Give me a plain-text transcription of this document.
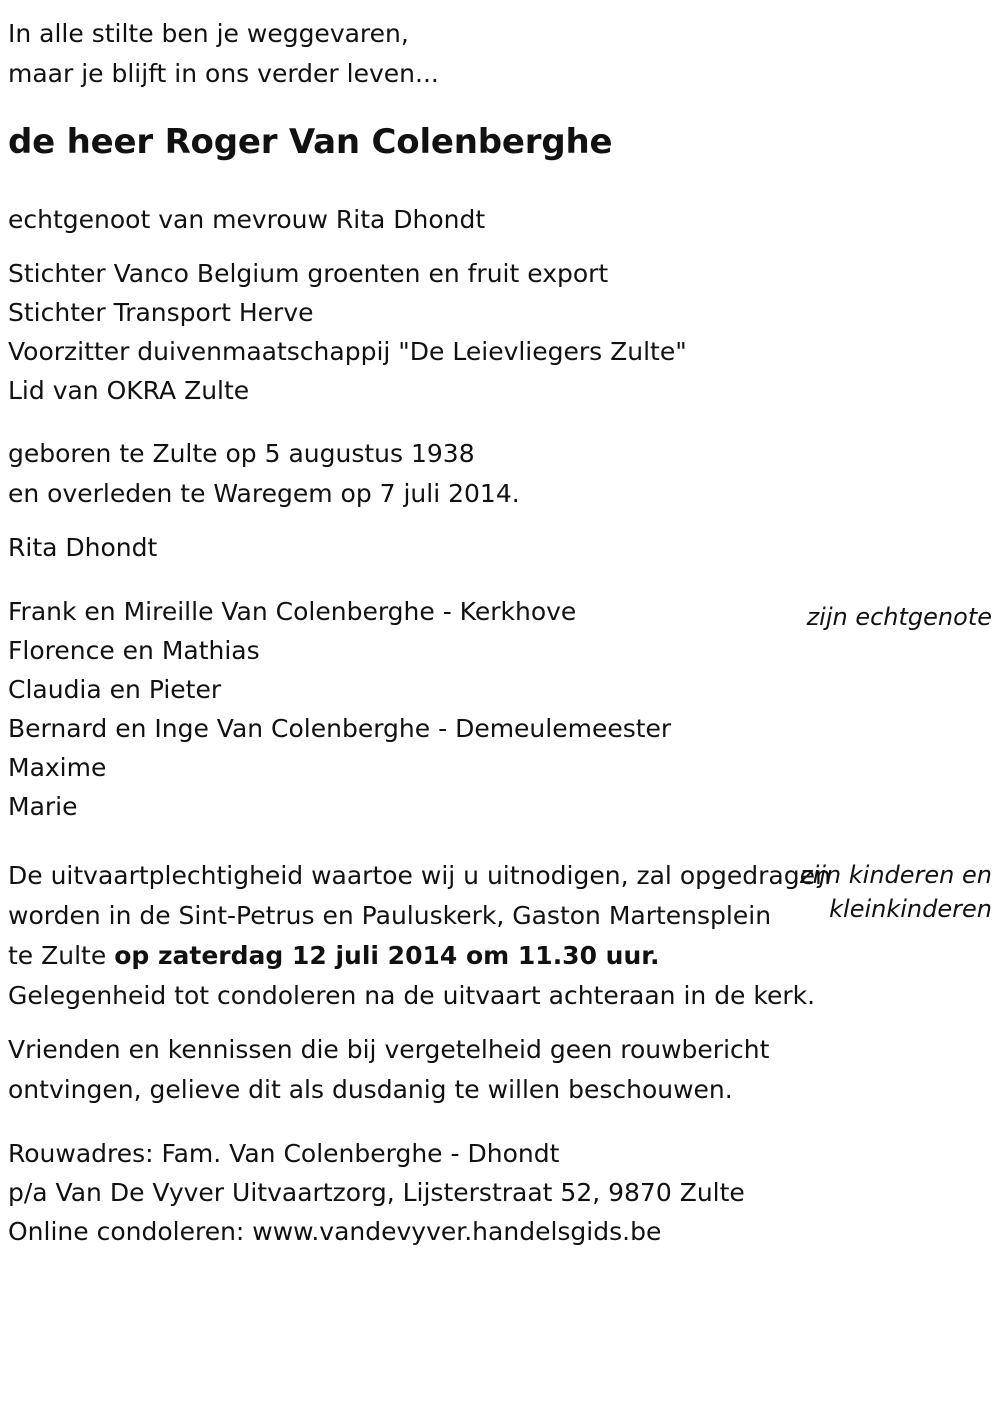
In alle stilte ben je weggevaren,
maar je blijft in ons verder leven...
de heer Roger Van Colenberghe
echtgenoot van mevrouw Rita Dhondt
Stichter Vanco Belgium groenten en fruit export
Stichter Transport Herve
Voorzitter duivenmaatschappij "De Leievliegers Zulte"
Lid van OKRA Zulte
geboren te Zulte op 5 augustus 1938
en overleden te Waregem op 7 juli 2014.
Rita Dhondt
Frank en Mireille Van Colenberghe - Kerkhove
Florence en Mathias
Claudia en Pieter
Bernard en Inge Van Colenberghe - Demeulemeester
Maxime
Marie
De uitvaartplechtigheid waartoe wij u uitnodigen, zal opgedragen
worden in de Sint-Petrus en Pauluskerk, Gaston Martensplein
te Zulte op zaterdag 12 juli 2014 om 11.30 uur.
Gelegenheid tot condoleren na de uitvaart achteraan in de kerk.
Vrienden en kennissen die bij vergetelheid geen rouwbericht
ontvingen, gelieve dit als dusdanig te willen beschouwen.
Rouwadres: Fam. Van Colenberghe - Dhondt
p/a Van De Vyver Uitvaartzorg, Lijsterstraat 52, 9870 Zulte
Online condoleren: www.vandevyver.handelsgids.be
zijn echtgenote
zijn kinderen en kleinkinderen
